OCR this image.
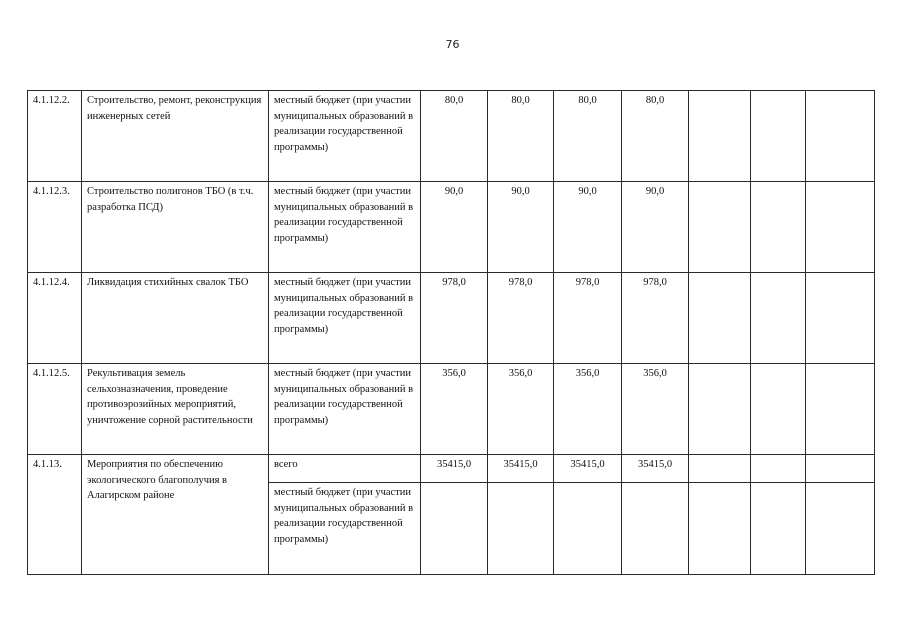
76
4.1.12.2.	Строительство, ремонт, реконструкция инженерных сетей	местный бюджет (при участии муниципальных образований в реализации государственной программы)	80,0	80,0	80,0	80,0			
4.1.12.3.	Строительство полигонов ТБО (в т.ч. разработка ПСД)	местный бюджет (при участии муниципальных образований в реализации государственной программы)	90,0	90,0	90,0	90,0			
4.1.12.4.	Ликвидация стихийных свалок ТБО	местный бюджет (при участии муниципальных образований в реализации государственной программы)	978,0	978,0	978,0	978,0			
4.1.12.5.	Рекультивация земель сельхозназначения, проведение противоэрозийных мероприятий, уничтожение сорной растительности	местный бюджет (при участии муниципальных образований в реализации государственной программы)	356,0	356,0	356,0	356,0			
4.1.13.	Мероприятия по обеспечению экологического благополучия в Алагирском районе	всего	35415,0	35415,0	35415,0	35415,0			
		местный бюджет (при участии муниципальных образований в реализации государственной программы)							
